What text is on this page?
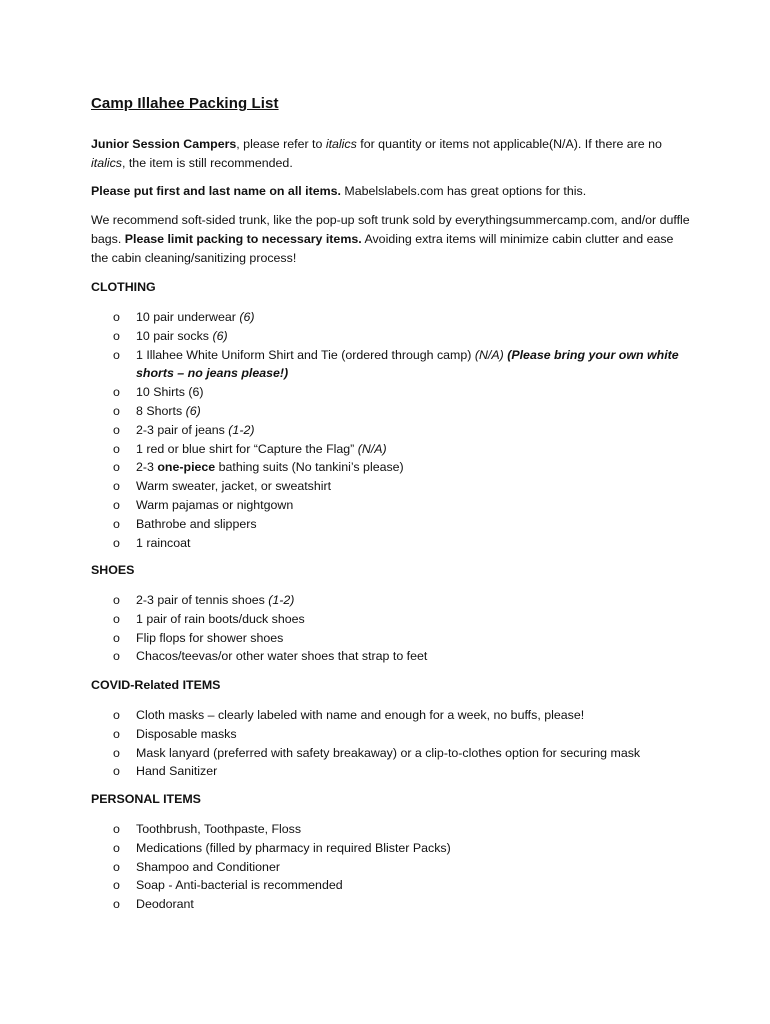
Camp Illahee Packing List

Junior Session Campers, please refer to italics for quantity or items not applicable(N/A). If there are no italics, the item is still recommended.

Please put first and last name on all items. Mabelslabels.com has great options for this.

We recommend soft-sided trunk, like the pop-up soft trunk sold by everythingsummercamp.com, and/or duffle bags. Please limit packing to necessary items. Avoiding extra items will minimize cabin clutter and ease the cabin cleaning/sanitizing process!

CLOTHING
o 10 pair underwear (6)
o 10 pair socks (6)
o 1 Illahee White Uniform Shirt and Tie (ordered through camp) (N/A) (Please bring your own white shorts – no jeans please!)
o 10 Shirts (6)
o 8 Shorts (6)
o 2-3 pair of jeans (1-2)
o 1 red or blue shirt for “Capture the Flag” (N/A)
o 2-3 one-piece bathing suits (No tankini’s please)
o Warm sweater, jacket, or sweatshirt
o Warm pajamas or nightgown
o Bathrobe and slippers
o 1 raincoat
SHOES
o 2-3 pair of tennis shoes (1-2)
o 1 pair of rain boots/duck shoes
o Flip flops for shower shoes
o Chacos/teevas/or other water shoes that strap to feet
COVID-Related ITEMS
o Cloth masks – clearly labeled with name and enough for a week, no buffs, please!
o Disposable masks
o Mask lanyard (preferred with safety breakaway) or a clip-to-clothes option for securing mask
o Hand Sanitizer
PERSONAL ITEMS
o Toothbrush, Toothpaste, Floss
o Medications (filled by pharmacy in required Blister Packs)
o Shampoo and Conditioner
o Soap - Anti-bacterial is recommended
o Deodorant
